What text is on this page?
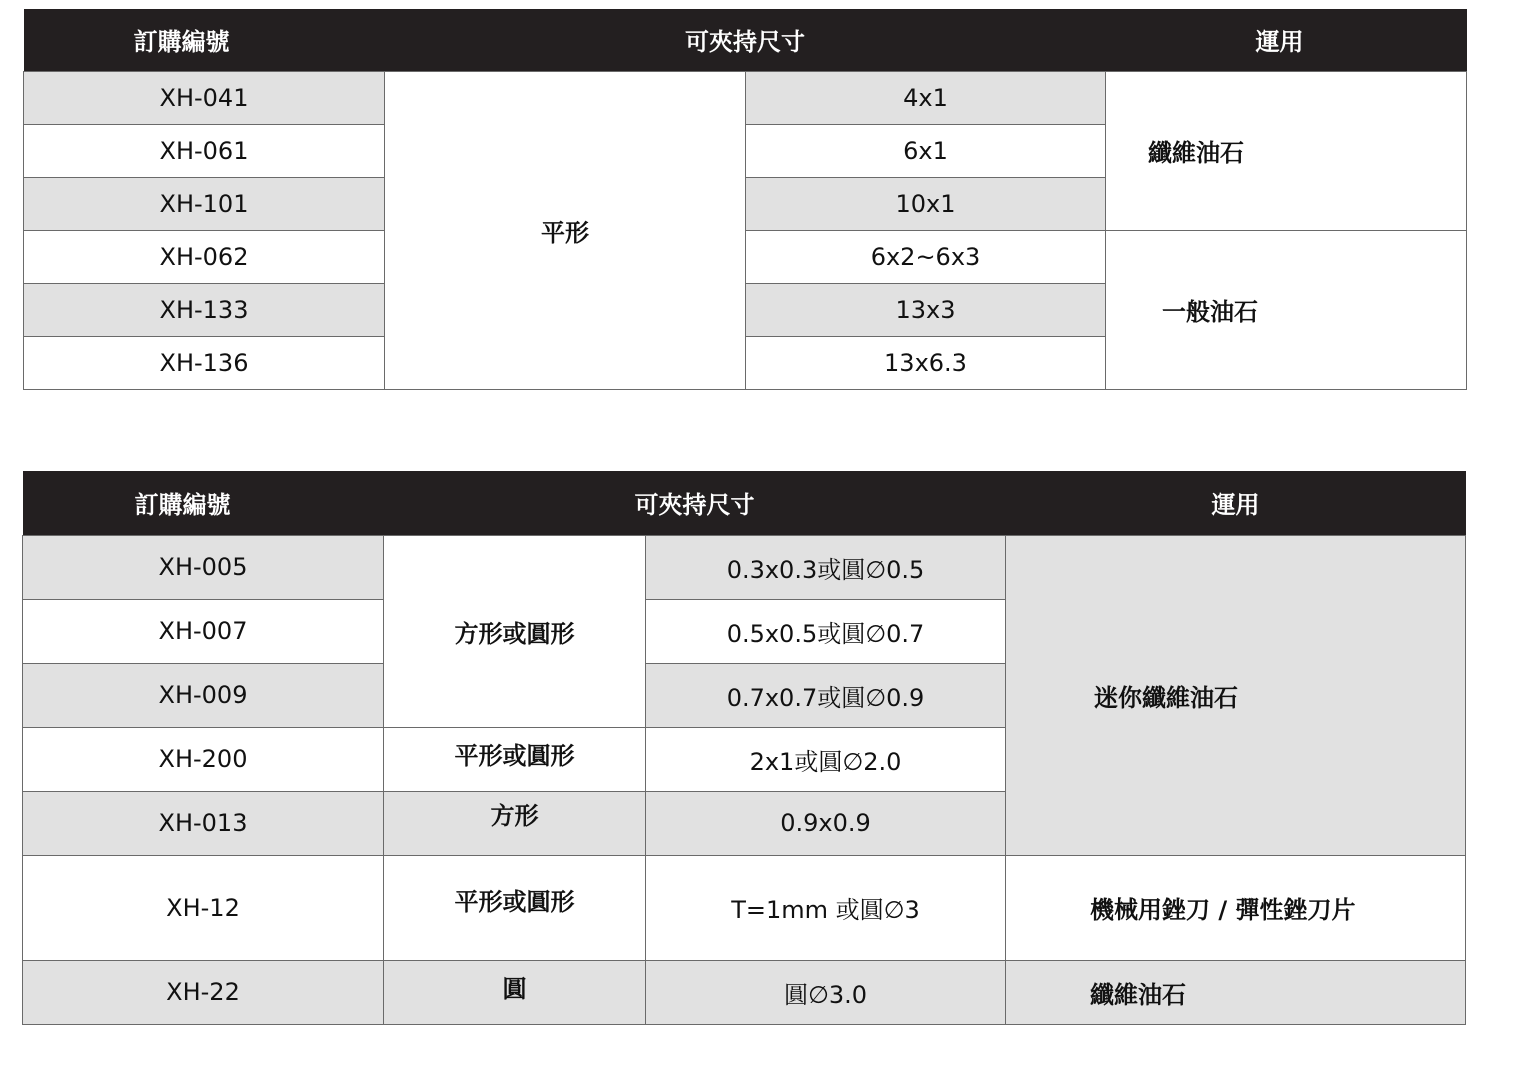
訂購編號	可夾持尺寸		運用
XH-041	平形	4x1	纖維油石
XH-061		6x1	
XH-101		10x1	
XH-062		6x2~6x3	一般油石
XH-133		13x3	
XH-136		13x6.3	
訂購編號	可夾持尺寸		運用
XH-005	方形或圓形	0.3x0.3或圓∅0.5	迷你纖維油石
XH-007		0.5x0.5或圓∅0.7	
XH-009		0.7x0.7或圓∅0.9	
XH-200	平形或圓形	2x1或圓∅2.0	
XH-013	方形	0.9x0.9	
XH-12	平形或圓形	T=1mm 或圓∅3	機械用銼刀 / 彈性銼刀片
XH-22	圓	圓∅3.0	纖維油石
